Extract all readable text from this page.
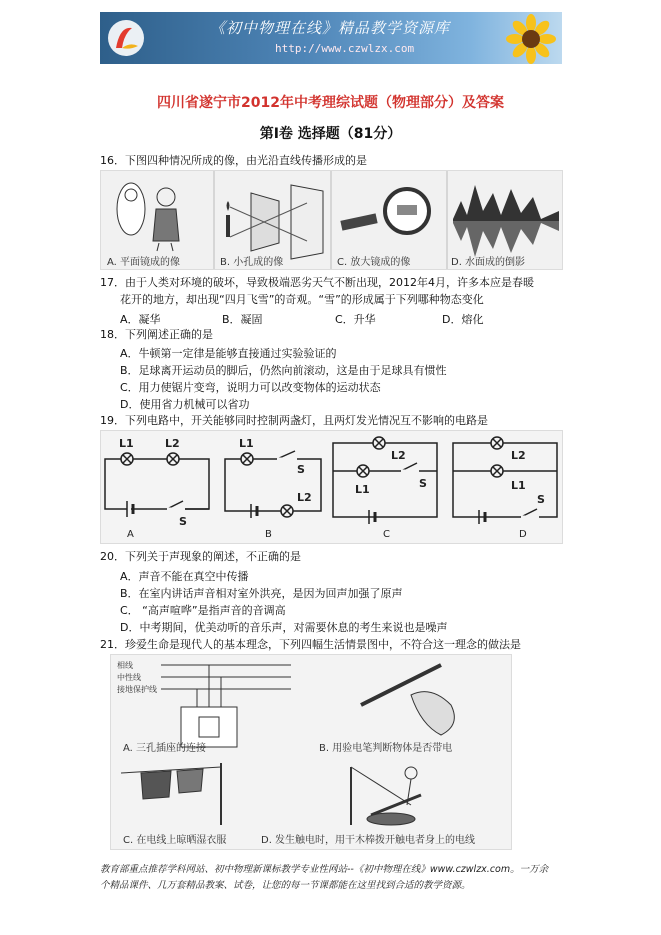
《初中物理在线》精品教学资源库
http://www.czwlzx.com
四川省遂宁市2012年中考理综试题（物理部分）及答案
第Ⅰ卷 选择题（81分）
16．下图四种情况所成的像，由光沿直线传播形成的是
A. 平面镜成的像	B. 小孔成的像	C. 放大镜成的像	D. 水面成的倒影
17．由于人类对环境的破坏，导致极端恶劣天气不断出现，2012年4月，许多本应是春暖
花开的地方，却出现“四月飞雪”的奇观。“雪”的形成属于下列哪种物态变化
A．凝华	B．凝固	C．升华	D．熔化
18．下列阐述正确的是
A．牛顿第一定律是能够直接通过实验验证的
B．足球离开运动员的脚后，仍然向前滚动，这是由于足球具有惯性
C．用力使锯片变弯，说明力可以改变物体的运动状态
D．使用省力机械可以省功
19．下列电路中，开关能够同时控制两盏灯，且两灯发光情况互不影响的电路是
L1	L2
S
A
L1
S
L2
B
L2
L1	S
C
L2
L1
S
D
20．下列关于声现象的阐述，不正确的是
A．声音不能在真空中传播
B．在室内讲话声音相对室外洪亮，是因为回声加强了原声
C． “高声喧哗”是指声音的音调高
D．中考期间，优美动听的音乐声，对需要休息的考生来说也是噪声
21．珍爱生命是现代人的基本理念，下列四幅生活情景图中，不符合这一理念的做法是
相线
中性线
接地保护线
A. 三孔插座的连接	B. 用验电笔判断物体是否带电
C. 在电线上晾晒湿衣服	D. 发生触电时，用干木棒拨开触电者身上的电线
教育部重点推荐学科网站、初中物理新课标教学专业性网站--《初中物理在线》www.czwlzx.com。一万余
个精品课件、几万套精品教案、试卷，让您的每一节课都能在这里找到合适的教学资源。
